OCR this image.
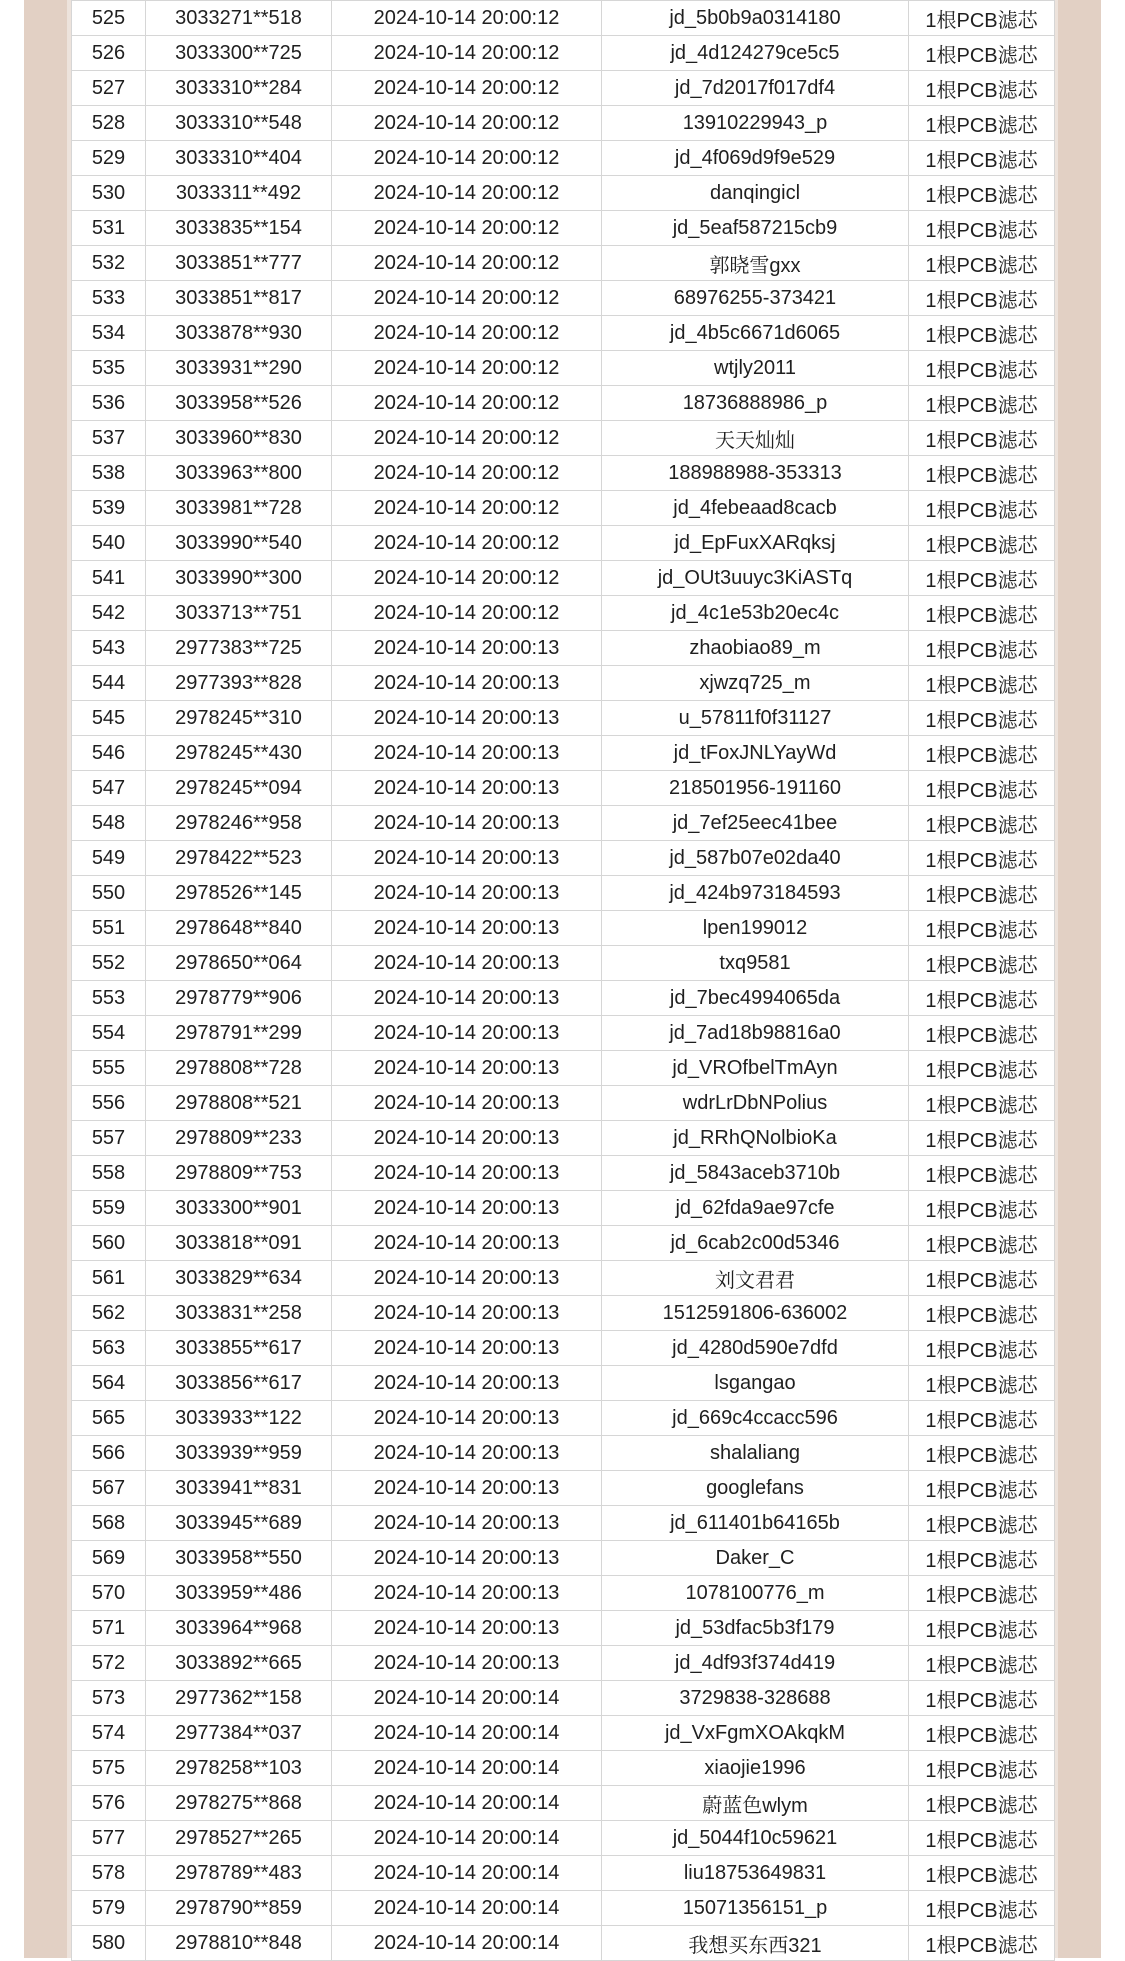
525	3033271**518	2024-10-14 20:00:12	jd_5b0b9a0314180	1根PCB滤芯
526	3033300**725	2024-10-14 20:00:12	jd_4d124279ce5c5	1根PCB滤芯
527	3033310**284	2024-10-14 20:00:12	jd_7d2017f017df4	1根PCB滤芯
528	3033310**548	2024-10-14 20:00:12	13910229943_p	1根PCB滤芯
529	3033310**404	2024-10-14 20:00:12	jd_4f069d9f9e529	1根PCB滤芯
530	3033311**492	2024-10-14 20:00:12	danqingicl	1根PCB滤芯
531	3033835**154	2024-10-14 20:00:12	jd_5eaf587215cb9	1根PCB滤芯
532	3033851**777	2024-10-14 20:00:12	郭晓雪gxx	1根PCB滤芯
533	3033851**817	2024-10-14 20:00:12	68976255-373421	1根PCB滤芯
534	3033878**930	2024-10-14 20:00:12	jd_4b5c6671d6065	1根PCB滤芯
535	3033931**290	2024-10-14 20:00:12	wtjly2011	1根PCB滤芯
536	3033958**526	2024-10-14 20:00:12	18736888986_p	1根PCB滤芯
537	3033960**830	2024-10-14 20:00:12	天天灿灿	1根PCB滤芯
538	3033963**800	2024-10-14 20:00:12	188988988-353313	1根PCB滤芯
539	3033981**728	2024-10-14 20:00:12	jd_4febeaad8cacb	1根PCB滤芯
540	3033990**540	2024-10-14 20:00:12	jd_EpFuxXARqksj	1根PCB滤芯
541	3033990**300	2024-10-14 20:00:12	jd_OUt3uuyc3KiASTq	1根PCB滤芯
542	3033713**751	2024-10-14 20:00:12	jd_4c1e53b20ec4c	1根PCB滤芯
543	2977383**725	2024-10-14 20:00:13	zhaobiao89_m	1根PCB滤芯
544	2977393**828	2024-10-14 20:00:13	xjwzq725_m	1根PCB滤芯
545	2978245**310	2024-10-14 20:00:13	u_57811f0f31127	1根PCB滤芯
546	2978245**430	2024-10-14 20:00:13	jd_tFoxJNLYayWd	1根PCB滤芯
547	2978245**094	2024-10-14 20:00:13	218501956-191160	1根PCB滤芯
548	2978246**958	2024-10-14 20:00:13	jd_7ef25eec41bee	1根PCB滤芯
549	2978422**523	2024-10-14 20:00:13	jd_587b07e02da40	1根PCB滤芯
550	2978526**145	2024-10-14 20:00:13	jd_424b973184593	1根PCB滤芯
551	2978648**840	2024-10-14 20:00:13	lpen199012	1根PCB滤芯
552	2978650**064	2024-10-14 20:00:13	txq9581	1根PCB滤芯
553	2978779**906	2024-10-14 20:00:13	jd_7bec4994065da	1根PCB滤芯
554	2978791**299	2024-10-14 20:00:13	jd_7ad18b98816a0	1根PCB滤芯
555	2978808**728	2024-10-14 20:00:13	jd_VROfbelTmAyn	1根PCB滤芯
556	2978808**521	2024-10-14 20:00:13	wdrLrDbNPolius	1根PCB滤芯
557	2978809**233	2024-10-14 20:00:13	jd_RRhQNolbioKa	1根PCB滤芯
558	2978809**753	2024-10-14 20:00:13	jd_5843aceb3710b	1根PCB滤芯
559	3033300**901	2024-10-14 20:00:13	jd_62fda9ae97cfe	1根PCB滤芯
560	3033818**091	2024-10-14 20:00:13	jd_6cab2c00d5346	1根PCB滤芯
561	3033829**634	2024-10-14 20:00:13	刘文君君	1根PCB滤芯
562	3033831**258	2024-10-14 20:00:13	1512591806-636002	1根PCB滤芯
563	3033855**617	2024-10-14 20:00:13	jd_4280d590e7dfd	1根PCB滤芯
564	3033856**617	2024-10-14 20:00:13	lsgangao	1根PCB滤芯
565	3033933**122	2024-10-14 20:00:13	jd_669c4ccacc596	1根PCB滤芯
566	3033939**959	2024-10-14 20:00:13	shalaliang	1根PCB滤芯
567	3033941**831	2024-10-14 20:00:13	googlefans	1根PCB滤芯
568	3033945**689	2024-10-14 20:00:13	jd_611401b64165b	1根PCB滤芯
569	3033958**550	2024-10-14 20:00:13	Daker_C	1根PCB滤芯
570	3033959**486	2024-10-14 20:00:13	1078100776_m	1根PCB滤芯
571	3033964**968	2024-10-14 20:00:13	jd_53dfac5b3f179	1根PCB滤芯
572	3033892**665	2024-10-14 20:00:13	jd_4df93f374d419	1根PCB滤芯
573	2977362**158	2024-10-14 20:00:14	3729838-328688	1根PCB滤芯
574	2977384**037	2024-10-14 20:00:14	jd_VxFgmXOAkqkM	1根PCB滤芯
575	2978258**103	2024-10-14 20:00:14	xiaojie1996	1根PCB滤芯
576	2978275**868	2024-10-14 20:00:14	蔚蓝色wlym	1根PCB滤芯
577	2978527**265	2024-10-14 20:00:14	jd_5044f10c59621	1根PCB滤芯
578	2978789**483	2024-10-14 20:00:14	liu18753649831	1根PCB滤芯
579	2978790**859	2024-10-14 20:00:14	15071356151_p	1根PCB滤芯
580	2978810**848	2024-10-14 20:00:14	我想买东西321	1根PCB滤芯
